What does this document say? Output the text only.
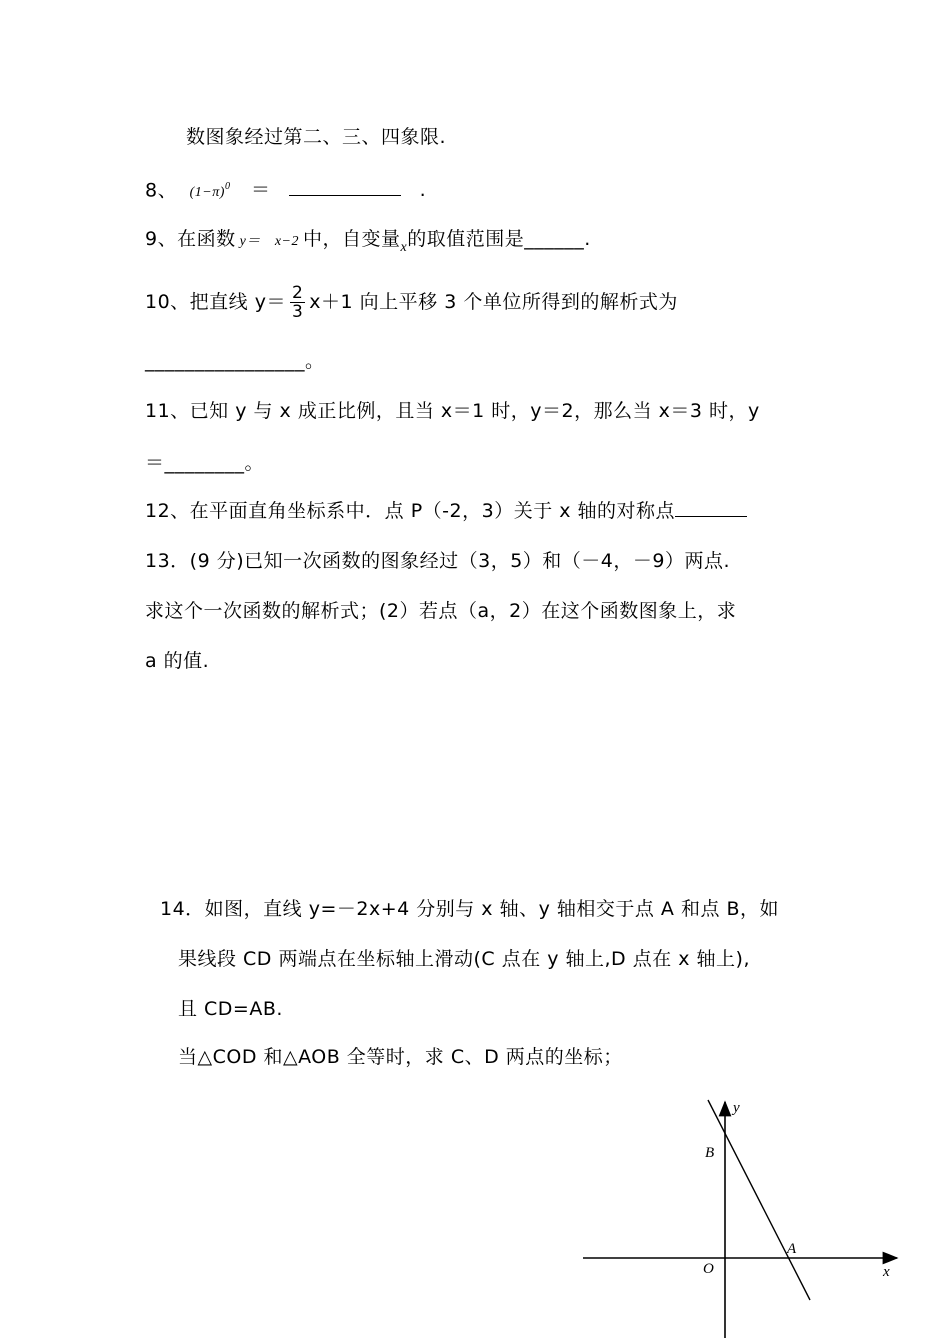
数图象经过第二、三、四象限.
8、 $(1-\pi)^0$ ＝	.
9、在函数 y＝ x−2 中，自变量$_x$的取值范围是______.
10、把直线 $y= \frac{2}{3} x+1$ 向上平移 3 个单位所得到的解析式为
________________。
11、已知 y 与 x 成正比例，且当 x＝1 时，y＝2，那么当 x＝3 时，y
＝________。
12、在平面直角坐标系中．点 P（-2，3）关于 x 轴的对称点
13．(9 分)已知一次函数的图象经过（3，5）和（－4，－9）两点.
求这个一次函数的解析式；(2）若点（a，2）在这个函数图象上，求
a 的值.
14．如图，直线 y=－2x+4 分别与 x 轴、y 轴相交于点 A 和点 B，如
果线段 CD 两端点在坐标轴上滑动(C 点在 y 轴上,D 点在 x 轴上),
且 CD=AB.
当△COD 和△AOB 全等时，求 C、D 两点的坐标；
y
x
O
A
B
